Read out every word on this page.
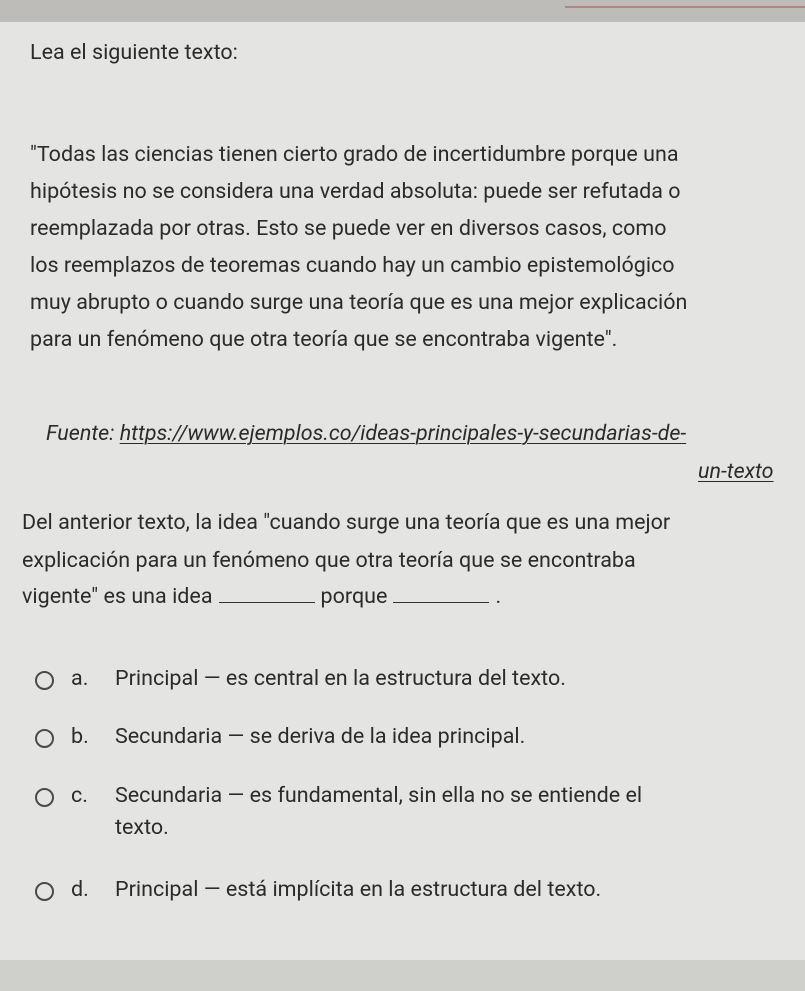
Lea el siguiente texto:
"Todas las ciencias tienen cierto grado de incertidumbre porque una
hipótesis no se considera una verdad absoluta: puede ser refutada o
reemplazada por otras. Esto se puede ver en diversos casos, como
los reemplazos de teoremas cuando hay un cambio epistemológico
muy abrupto o cuando surge una teoría que es una mejor explicación
para un fenómeno que otra teoría que se encontraba vigente".
Fuente: https://www.ejemplos.co/ideas-principales-y-secundarias-de-
un-texto
Del anterior texto, la idea "cuando surge una teoría que es una mejor
explicación para un fenómeno que otra teoría que se encontraba
vigente" es una idea	porque	.
a. Principal — es central en la estructura del texto.
b. Secundaria — se deriva de la idea principal.
c. Secundaria — es fundamental, sin ella no se entiende el
texto.
d. Principal — está implícita en la estructura del texto.
